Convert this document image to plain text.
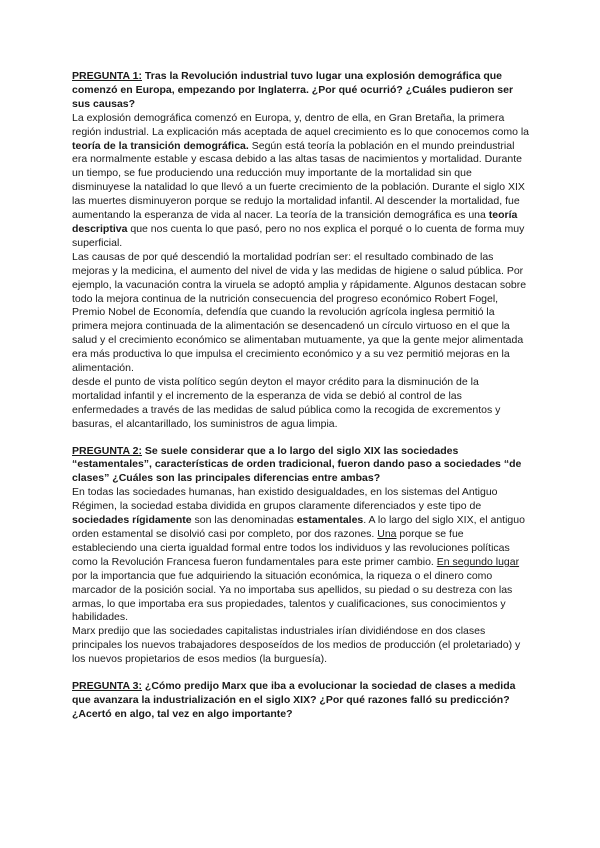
PREGUNTA 1: Tras la Revolución industrial tuvo lugar una explosión demográfica que comenzó en Europa, empezando por Inglaterra. ¿Por qué ocurrió? ¿Cuáles pudieron ser sus causas?

La explosión demográfica comenzó en Europa, y, dentro de ella, en Gran Bretaña, la primera región industrial. La explicación más aceptada de aquel crecimiento es lo que conocemos como la teoría de la transición demográfica. Según está teoría la población en el mundo preindustrial era normalmente estable y escasa debido a las altas tasas de nacimientos y mortalidad. Durante un tiempo, se fue produciendo una reducción muy importante de la mortalidad sin que disminuyese la natalidad lo que llevó a un fuerte crecimiento de la población. Durante el siglo XIX las muertes disminuyeron porque se redujo la mortalidad infantil. Al descender la mortalidad, fue aumentando la esperanza de vida al nacer. La teoría de la transición demográfica es una teoría descriptiva que nos cuenta lo que pasó, pero no nos explica el porqué o lo cuenta de forma muy superficial.

Las causas de por qué descendió la mortalidad podrían ser: el resultado combinado de las mejoras y la medicina, el aumento del nivel de vida y las medidas de higiene o salud pública. Por ejemplo, la vacunación contra la viruela se adoptó amplia y rápidamente. Algunos destacan sobre todo la mejora continua de la nutrición consecuencia del progreso económico Robert Fogel, Premio Nobel de Economía, defendía que cuando la revolución agrícola inglesa permitió la primera mejora continuada de la alimentación se desencadenó un círculo virtuoso en el que la salud y el crecimiento económico se alimentaban mutuamente, ya que la gente mejor alimentada era más productiva lo que impulsa el crecimiento económico y a su vez permitió mejoras en la alimentación.

desde el punto de vista político según deyton el mayor crédito para la disminución de la mortalidad infantil y el incremento de la esperanza de vida se debió al control de las enfermedades a través de las medidas de salud pública como la recogida de excrementos y basuras, el alcantarillado, los suministros de agua limpia.

PREGUNTA 2: Se suele considerar que a lo largo del siglo XIX las sociedades “estamentales”, características de orden tradicional, fueron dando paso a sociedades “de clases” ¿Cuáles son las principales diferencias entre ambas?

En todas las sociedades humanas, han existido desigualdades, en los sistemas del Antiguo Régimen, la sociedad estaba dividida en grupos claramente diferenciados y este tipo de sociedades rígidamente son las denominadas estamentales. A lo largo del siglo XIX, el antiguo orden estamental se disolvió casi por completo, por dos razones. Una porque se fue estableciendo una cierta igualdad formal entre todos los individuos y las revoluciones políticas como la Revolución Francesa fueron fundamentales para este primer cambio. En segundo lugar por la importancia que fue adquiriendo la situación económica, la riqueza o el dinero como marcador de la posición social. Ya no importaba sus apellidos, su piedad o su destreza con las armas, lo que importaba era sus propiedades, talentos y cualificaciones, sus conocimientos y habilidades.

Marx predijo que las sociedades capitalistas industriales irían dividiéndose en dos clases principales los nuevos trabajadores desposeídos de los medios de producción (el proletariado) y los nuevos propietarios de esos medios (la burguesía).

PREGUNTA 3: ¿Cómo predijo Marx que iba a evolucionar la sociedad de clases a medida que avanzara la industrialización en el siglo XIX? ¿Por qué razones falló su predicción? ¿Acertó en algo, tal vez en algo importante?
